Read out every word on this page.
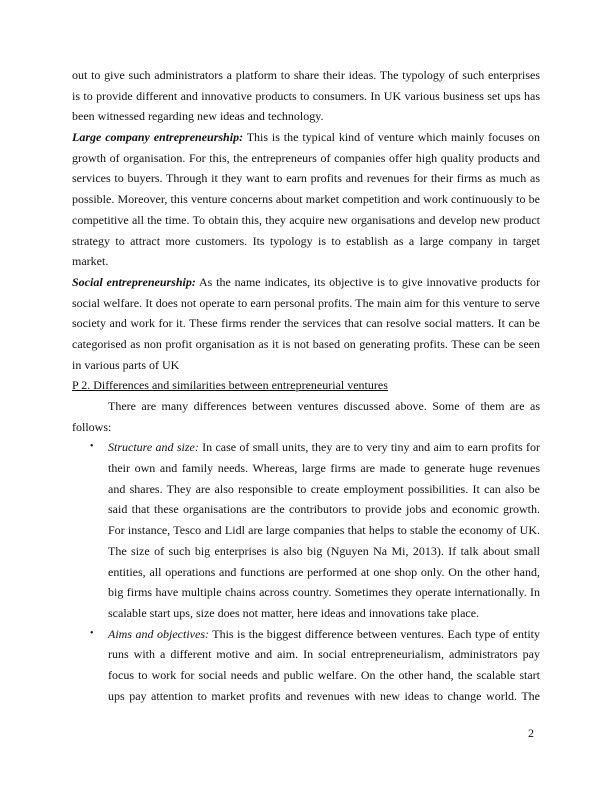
out to give such administrators a platform to share their ideas. The typology of such enterprises
is to provide different and innovative products to consumers. In UK various business set ups has
been witnessed regarding new ideas and technology.
Large company entrepreneurship: This is the typical kind of venture which mainly focuses on
growth of organisation. For this, the entrepreneurs of companies offer high quality products and
services to buyers. Through it they want to earn profits and revenues for their firms as much as
possible. Moreover, this venture concerns about market competition and work continuously to be
competitive all the time. To obtain this, they acquire new organisations and develop new product
strategy to attract more customers. Its typology is to establish as a large company in target
market.
Social entrepreneurship: As the name indicates, its objective is to give innovative products for
social welfare. It does not operate to earn personal profits. The main aim for this venture to serve
society and work for it. These firms render the services that can resolve social matters. It can be
categorised as non profit organisation as it is not based on generating profits. These can be seen
in various parts of UK
P 2. Differences and similarities between entrepreneurial ventures
There are many differences between ventures discussed above. Some of them are as
follows:
• Structure and size: In case of small units, they are to very tiny and aim to earn profits for
their own and family needs. Whereas, large firms are made to generate huge revenues
and shares. They are also responsible to create employment possibilities. It can also be
said that these organisations are the contributors to provide jobs and economic growth.
For instance, Tesco and Lidl are large companies that helps to stable the economy of UK.
The size of such big enterprises is also big (Nguyen Na Mi, 2013). If talk about small
entities, all operations and functions are performed at one shop only. On the other hand,
big firms have multiple chains across country. Sometimes they operate internationally. In
scalable start ups, size does not matter, here ideas and innovations take place.
• Aims and objectives: This is the biggest difference between ventures. Each type of entity
runs with a different motive and aim. In social entrepreneurialism, administrators pay
focus to work for social needs and public welfare. On the other hand, the scalable start
ups pay attention to market profits and revenues with new ideas to change world. The
2
